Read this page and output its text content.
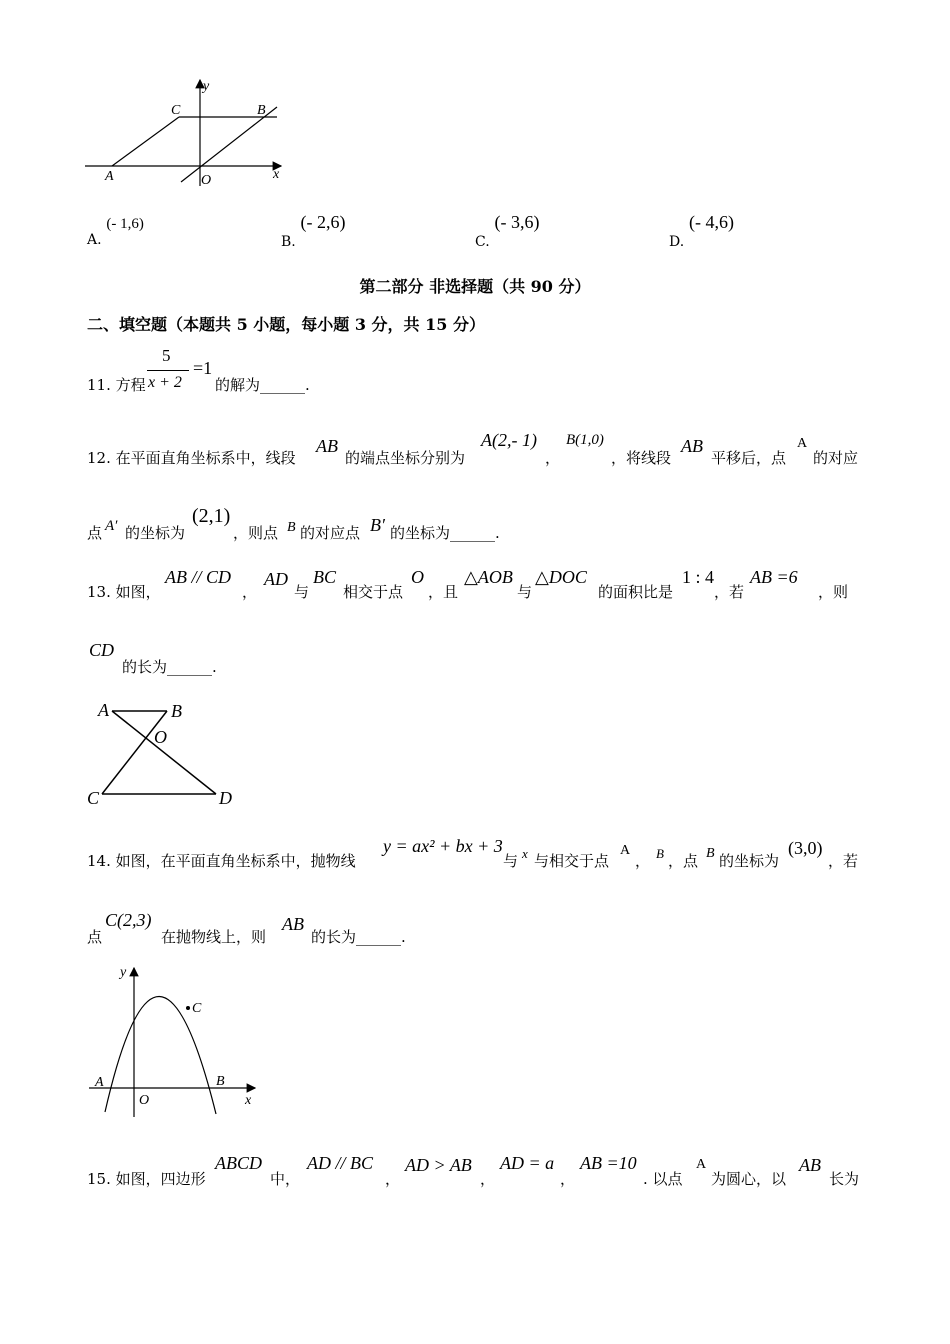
y
x
C	B
A	O
A. (- 1,6)
B. (- 2,6)
C. (- 3,6)
D. (- 4,6)
第二部分 非选择题（共 90 分）
二、填空题（本题共 5 小题，每小题 3 分，共 15 分）
11. 方程
5
x + 2
=1
的解为______.
12. 在平面直角坐标系中，线段
AB
的端点坐标分别为
A(2,- 1)
，
B(1,0)
，将线段
AB
平移后，点
A
的对应
点 A′ 的坐标为
(2,1)
，则点 B 的对应点 B′ 的坐标为______.
13. 如图，
AB // CD
，
AD
与
BC
相交于点
O
，且
△AOB
与
△DOC
的面积比是
1 : 4
，若
AB =6
，则
CD
的长为______.
A	B
O
C	D
14. 如图，在平面直角坐标系中，抛物线
y = ax² + bx + 3
与 x 与相交于点
A
， B ，点 B 的坐标为
(3,0)
，若
点
C(2,3)
在抛物线上，则
AB
的长为______.
y
C
A	B
O	x
15. 如图，四边形
ABCD
中，
AD // BC
，
AD > AB
，
AD = a
，
AB =10
. 以点
A
为圆心，以
AB
长为
